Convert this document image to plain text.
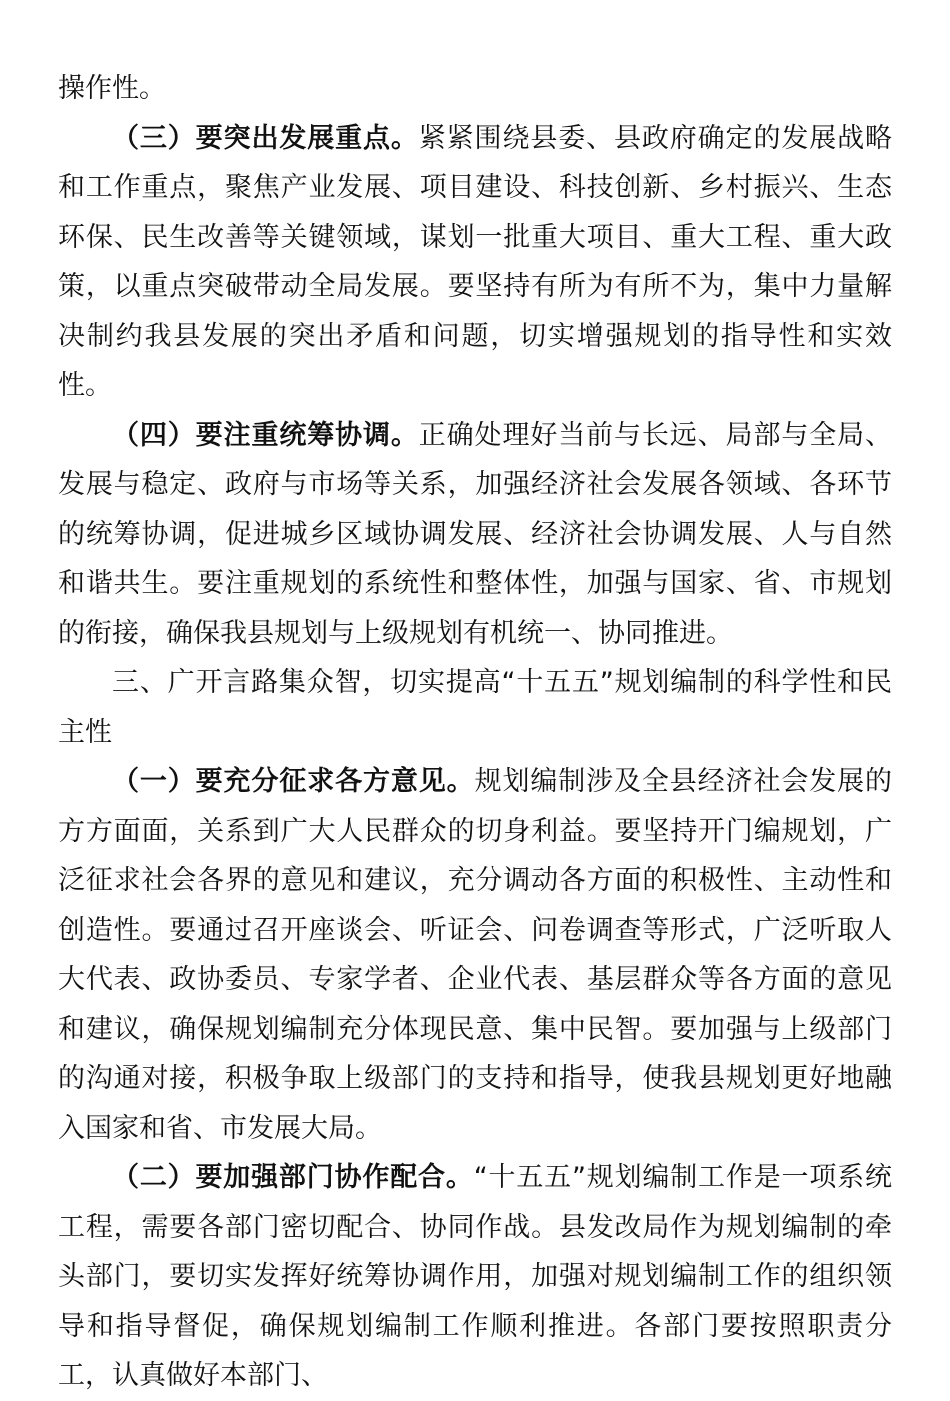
操作性。

（三）要突出发展重点。紧紧围绕县委、县政府确定的发展战略和工作重点，聚焦产业发展、项目建设、科技创新、乡村振兴、生态环保、民生改善等关键领域，谋划一批重大项目、重大工程、重大政策，以重点突破带动全局发展。要坚持有所为有所不为，集中力量解决制约我县发展的突出矛盾和问题，切实增强规划的指导性和实效性。

（四）要注重统筹协调。正确处理好当前与长远、局部与全局、发展与稳定、政府与市场等关系，加强经济社会发展各领域、各环节的统筹协调，促进城乡区域协调发展、经济社会协调发展、人与自然和谐共生。要注重规划的系统性和整体性，加强与国家、省、市规划的衔接，确保我县规划与上级规划有机统一、协同推进。

三、广开言路集众智，切实提高“十五五”规划编制的科学性和民主性

（一）要充分征求各方意见。规划编制涉及全县经济社会发展的方方面面，关系到广大人民群众的切身利益。要坚持开门编规划，广泛征求社会各界的意见和建议，充分调动各方面的积极性、主动性和创造性。要通过召开座谈会、听证会、问卷调查等形式，广泛听取人大代表、政协委员、专家学者、企业代表、基层群众等各方面的意见和建议，确保规划编制充分体现民意、集中民智。要加强与上级部门的沟通对接，积极争取上级部门的支持和指导，使我县规划更好地融入国家和省、市发展大局。

（二）要加强部门协作配合。“十五五”规划编制工作是一项系统工程，需要各部门密切配合、协同作战。县发改局作为规划编制的牵头部门，要切实发挥好统筹协调作用，加强对规划编制工作的组织领导和指导督促，确保规划编制工作顺利推进。各部门要按照职责分工，认真做好本部门、
